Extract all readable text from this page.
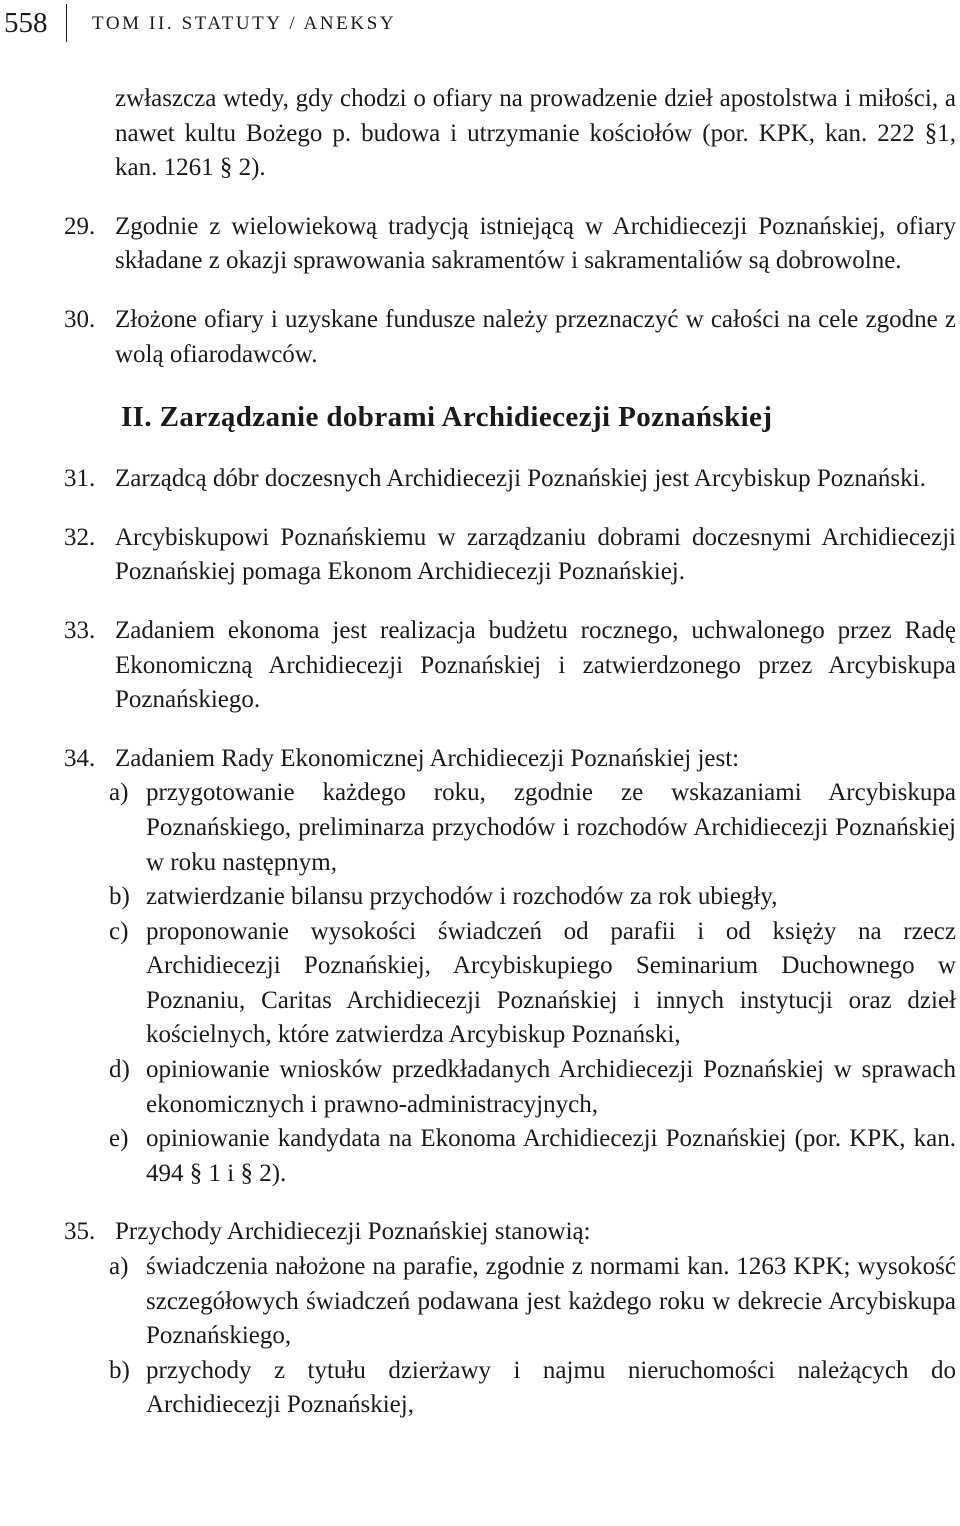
558 TOM II. STATUTY / ANEKSY

zwłaszcza wtedy, gdy chodzi o ofiary na prowadzenie dzieł apostolstwa i miłości, a nawet kultu Bożego p. budowa i utrzymanie kościołów (por. KPK, kan. 222 §1, kan. 1261 § 2).

29. Zgodnie z wielowiekową tradycją istniejącą w Archidiecezji Poznańskiej, ofiary składane z okazji sprawowania sakramentów i sakramentaliów są dobrowolne.
30. Złożone ofiary i uzyskane fundusze należy przeznaczyć w całości na cele zgodne z wolą ofiarodawców.
II. Zarządzanie dobrami Archidiecezji Poznańskiej
31. Zarządcą dóbr doczesnych Archidiecezji Poznańskiej jest Arcybiskup Poznański.
32. Arcybiskupowi Poznańskiemu w zarządzaniu dobrami doczesnymi Archidiecezji Poznańskiej pomaga Ekonom Archidiecezji Poznańskiej.
33. Zadaniem ekonoma jest realizacja budżetu rocznego, uchwalonego przez Radę Ekonomiczną Archidiecezji Poznańskiej i zatwierdzonego przez Arcybiskupa Poznańskiego.
34. Zadaniem Rady Ekonomicznej Archidiecezji Poznańskiej jest:
a) przygotowanie każdego roku, zgodnie ze wskazaniami Arcybiskupa Poznańskiego, preliminarza przychodów i rozchodów Archidiecezji Poznańskiej w roku następnym,
b) zatwierdzanie bilansu przychodów i rozchodów za rok ubiegły,
c) proponowanie wysokości świadczeń od parafii i od księży na rzecz Archidiecezji Poznańskiej, Arcybiskupiego Seminarium Duchownego w Poznaniu, Caritas Archidiecezji Poznańskiej i innych instytucji oraz dzieł kościelnych, które zatwierdza Arcybiskup Poznański,
d) opiniowanie wniosków przedkładanych Archidiecezji Poznańskiej w sprawach ekonomicznych i prawno-administracyjnych,
e) opiniowanie kandydata na Ekonoma Archidiecezji Poznańskiej (por. KPK, kan. 494 § 1 i § 2).
35. Przychody Archidiecezji Poznańskiej stanowią:
a) świadczenia nałożone na parafie, zgodnie z normami kan. 1263 KPK; wysokość szczegółowych świadczeń podawana jest każdego roku w dekrecie Arcybiskupa Poznańskiego,
b) przychody z tytułu dzierżawy i najmu nieruchomości należących do Archidiecezji Poznańskiej,
